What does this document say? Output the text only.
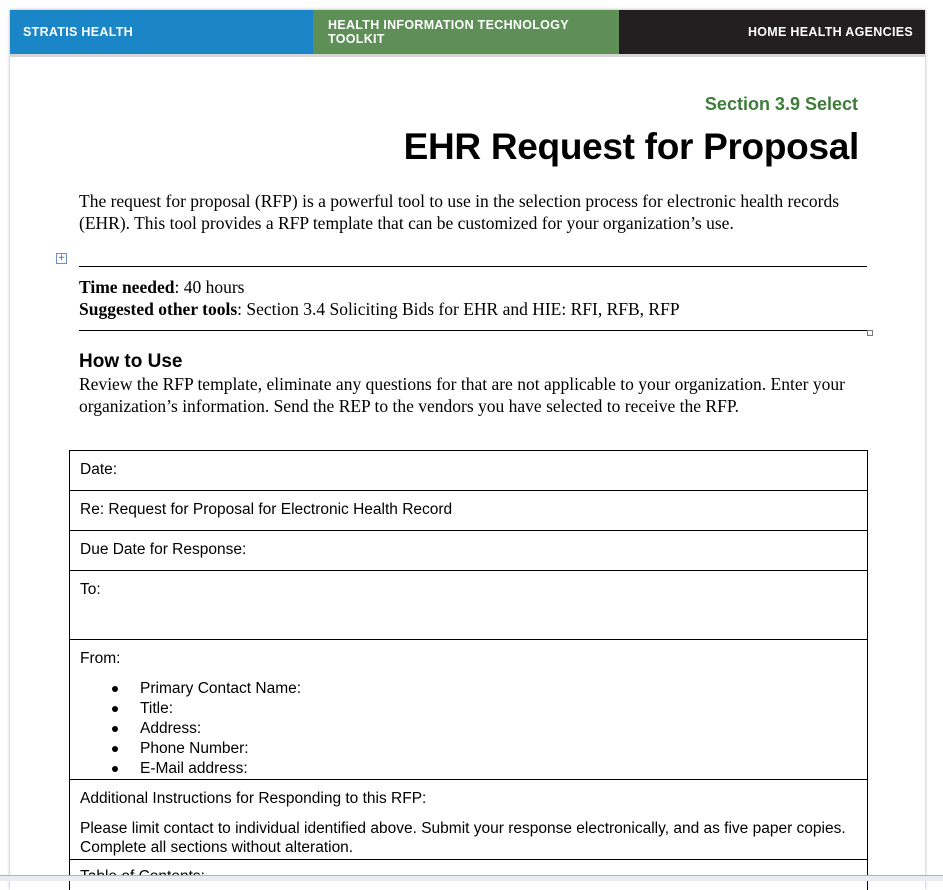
STRATIS HEALTH	HEALTH INFORMATION TECHNOLOGY TOOLKIT	HOME HEALTH AGENCIES
Section 3.9 Select
EHR Request for Proposal

The request for proposal (RFP) is a powerful tool to use in the selection process for electronic health records (EHR). This tool provides a RFP template that can be customized for your organization’s use.

+

Time needed: 40 hours

Suggested other tools: Section 3.4 Soliciting Bids for EHR and HIE: RFI, RFB, RFP

How to Use

Review the RFP template, eliminate any questions for that are not applicable to your organization. Enter your organization’s information. Send the REP to the vendors you have selected to receive the RFP.

Date:
Re: Request for Proposal for Electronic Health Record
Due Date for Response:
To:

From:
Primary Contact Name:
Title:
Address:
Phone Number:
E-Mail address:

Additional Instructions for Responding to this RFP:
Please limit contact to individual identified above. Submit your response electronically, and as five paper copies. Complete all sections without alteration.
